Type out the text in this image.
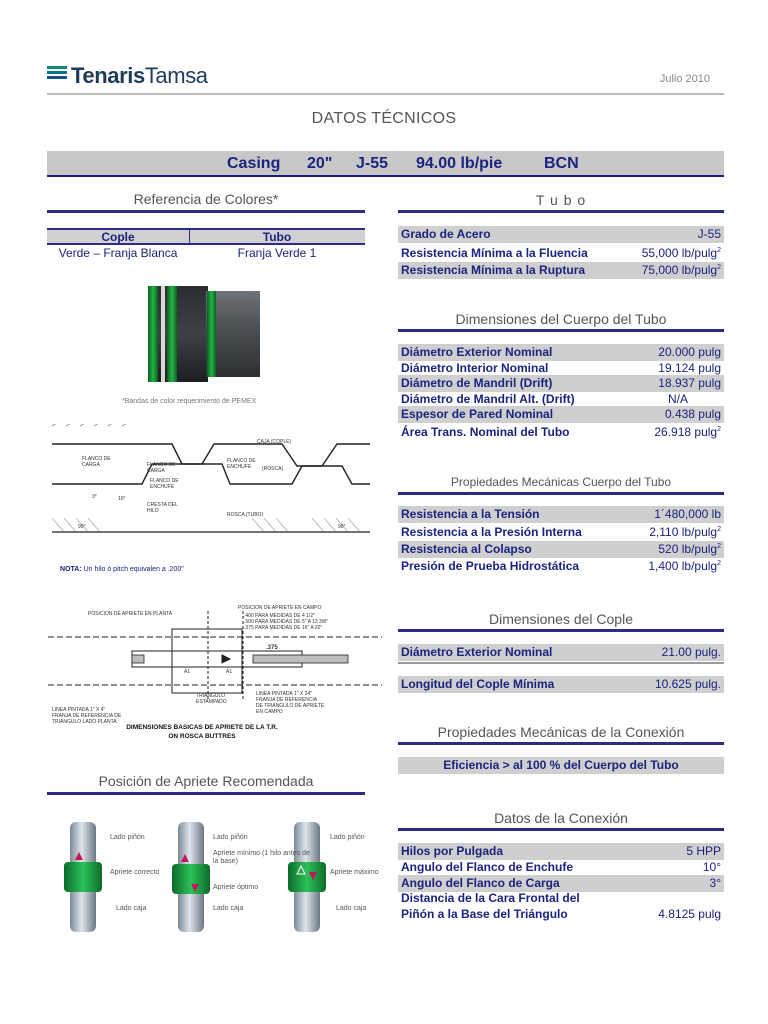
TenarisTamsa	Julio 2010
DATOS TÉCNICOS
Casing 20" J-55 94.00 lb/pie	BCN
Referencia de Colores*
Cople	Tubo
Verde – Franja Blanca	Franja Verde 1
*Bandas de color requerimiento de PEMEX
CAJA (COPLE)
FLANCO DE
CARGA	FLANCO DE
CARGA
FLANCO DE
ENCHUFE
FLANCO DE
ENCHUFE (ROSCA)
ROSCA (TUBO)
CRESTA DEL
HILO
3°	10°
90°	90°
NOTA: Un hilo ó pitch equivalen a .200"
POSICION DE APRIETE EN PLANTA
POSICION DE APRIETE EN CAMPO
.400 PARA MEDIDAS DE 4 1/2"
.500 PARA MEDIDAS DE 5" A 13 3/8"
.375 PARA MEDIDAS DE 16" A 20"
.375
A1	A1
LINEA PINTADA 1" X 4"
FRANJA DE REFERENCIA DE
TRIANGULO LADO PLANTA
TRIANGULO
ESTAMPADO
LINEA PINTADA 1" X 24"
FRANJA DE REFERENCIA
DE TRIANGULO DE APRIETE
EN CAMPO
DIMENSIONES BASICAS DE APRIETE DE LA T.R.
ON ROSCA BUTTRES
Posición de Apriete Recomendada
Lado piñón
Apriete correcto
Lado caja
Lado piñón
Apriete mínimo (1 hilo antes de la base)
Apriete óptimo
Lado caja
Lado piñón
Apriete máximo
Lado caja
T u b o
Grado de Acero	J-55
Resistencia Mínima a la Fluencia	55,000 lb/pulg$^2$
Resistencia Mínima a la Ruptura	75,000 lb/pulg$^2$
Dimensiones del Cuerpo del Tubo
Diámetro Exterior Nominal	20.000 pulg
Diámetro Interior Nominal	19.124 pulg
Diámetro de Mandril (Drift)	18.937 pulg
Diámetro de Mandril Alt. (Drift)	N/A
Espesor de Pared Nominal	0.438 pulg
Área Trans. Nominal del Tubo	26.918 pulg$^2$
Propiedades Mecánicas Cuerpo del Tubo
Resistencia a la Tensión	1´480,000 lb
Resistencia a la Presión Interna	2,110 lb/pulg$^2$
Resistencia al Colapso	520 lb/pulg$^2$
Presión de Prueba Hidrostática	1,400 lb/pulg$^2$
Dimensiones del Cople
Diámetro Exterior Nominal	21.00 pulg.
Longitud del Cople Mínima	10.625 pulg.
Propiedades Mecánicas de la Conexión
Eficiencia > al 100 % del Cuerpo del Tubo
Datos de la Conexión
Hilos por Pulgada	5 HPP
Angulo del Flanco de Enchufe	10°
Angulo del Flanco de Carga	3°
Distancia de la Cara Frontal del
Piñón a la Base del Triángulo	4.8125 pulg
